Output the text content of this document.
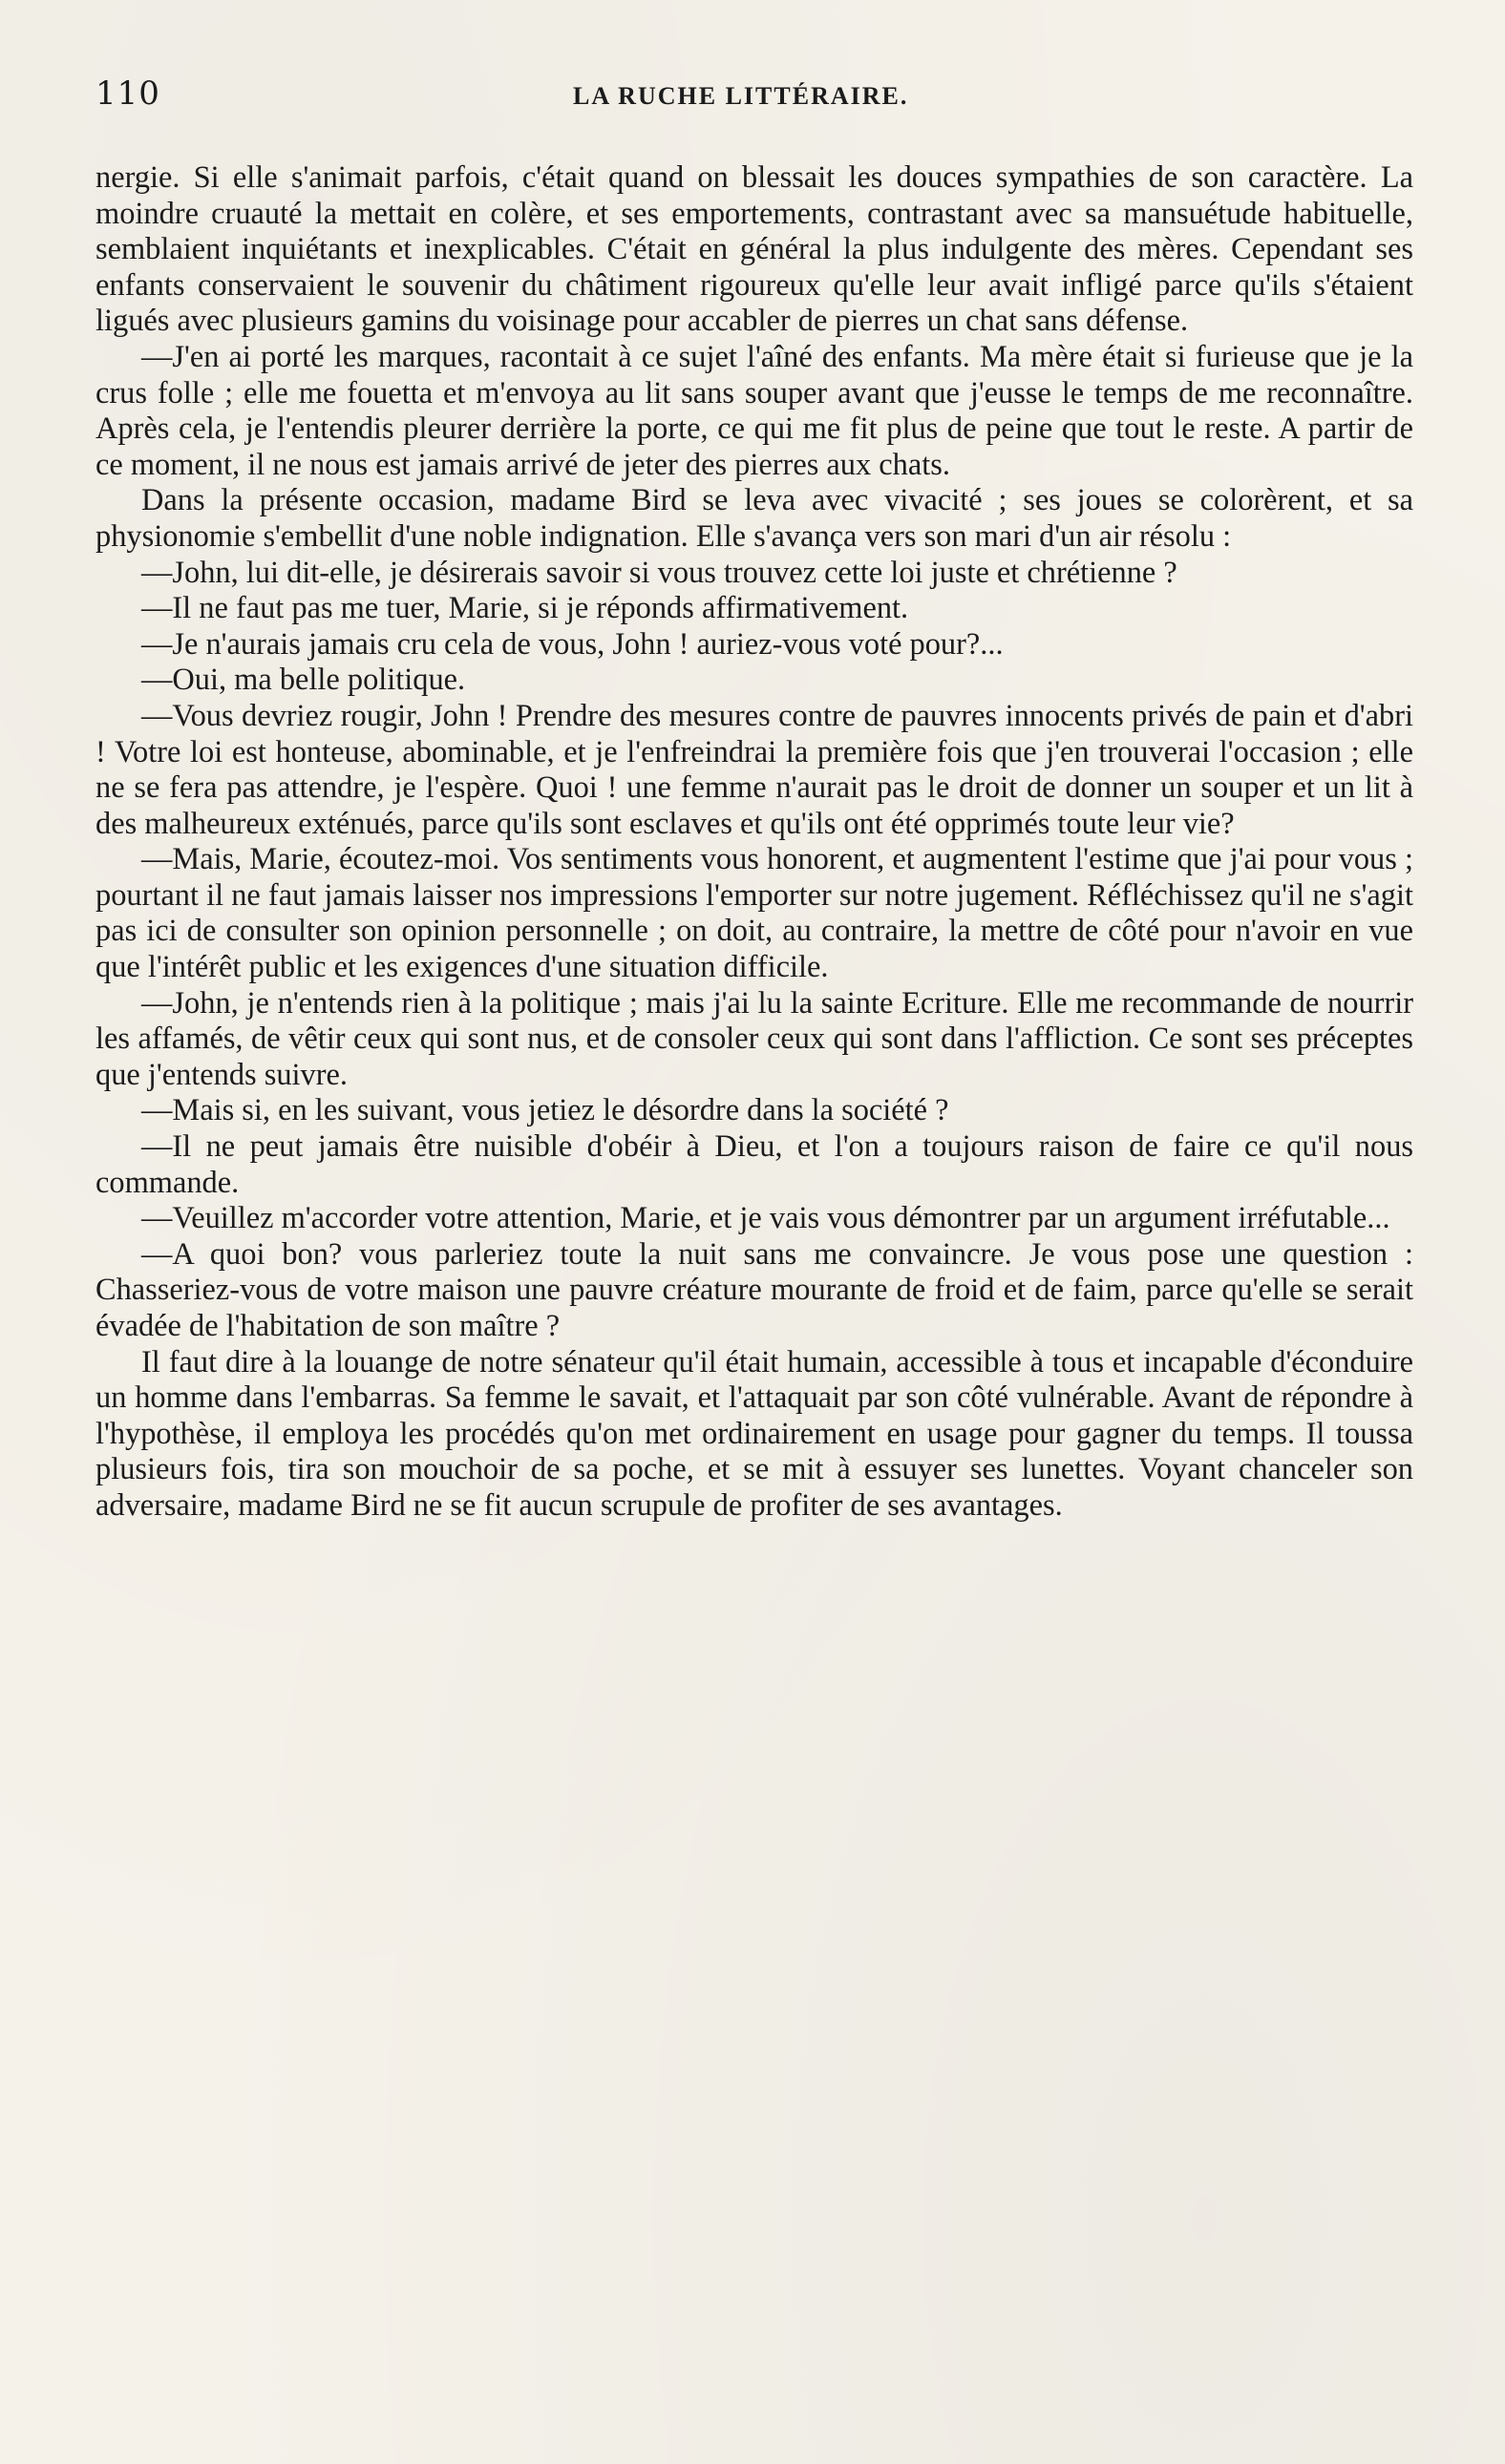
110	LA RUCHE LITTÉRAIRE.

nergie. Si elle s'animait parfois, c'était quand on blessait les douces sympathies de son caractère. La moindre cruauté la mettait en colère, et ses emportements, contrastant avec sa mansuétude habituelle, semblaient inquiétants et inexplicables. C'était en général la plus indulgente des mères. Cependant ses enfants conservaient le souvenir du châtiment rigoureux qu'elle leur avait infligé parce qu'ils s'étaient ligués avec plusieurs gamins du voisinage pour accabler de pierres un chat sans défense.

—J'en ai porté les marques, racontait à ce sujet l'aîné des enfants. Ma mère était si furieuse que je la crus folle ; elle me fouetta et m'envoya au lit sans souper avant que j'eusse le temps de me reconnaître. Après cela, je l'entendis pleurer derrière la porte, ce qui me fit plus de peine que tout le reste. A partir de ce moment, il ne nous est jamais arrivé de jeter des pierres aux chats.

Dans la présente occasion, madame Bird se leva avec vivacité ; ses joues se colorèrent, et sa physionomie s'embellit d'une noble indignation. Elle s'avança vers son mari d'un air résolu :

—John, lui dit-elle, je désirerais savoir si vous trouvez cette loi juste et chrétienne ?

—Il ne faut pas me tuer, Marie, si je réponds affirmativement.

—Je n'aurais jamais cru cela de vous, John ! auriez-vous voté pour?...

—Oui, ma belle politique.

—Vous devriez rougir, John ! Prendre des mesures contre de pauvres innocents privés de pain et d'abri ! Votre loi est honteuse, abominable, et je l'enfreindrai la première fois que j'en trouverai l'occasion ; elle ne se fera pas attendre, je l'espère. Quoi ! une femme n'aurait pas le droit de donner un souper et un lit à des malheureux exténués, parce qu'ils sont esclaves et qu'ils ont été opprimés toute leur vie?

—Mais, Marie, écoutez-moi. Vos sentiments vous honorent, et augmentent l'estime que j'ai pour vous ; pourtant il ne faut jamais laisser nos impressions l'emporter sur notre jugement. Réfléchissez qu'il ne s'agit pas ici de consulter son opinion personnelle ; on doit, au contraire, la mettre de côté pour n'avoir en vue que l'intérêt public et les exigences d'une situation difficile.

—John, je n'entends rien à la politique ; mais j'ai lu la sainte Ecriture. Elle me recommande de nourrir les affamés, de vêtir ceux qui sont nus, et de consoler ceux qui sont dans l'affliction. Ce sont ses préceptes que j'entends suivre.

—Mais si, en les suivant, vous jetiez le désordre dans la société ?

—Il ne peut jamais être nuisible d'obéir à Dieu, et l'on a toujours raison de faire ce qu'il nous commande.

—Veuillez m'accorder votre attention, Marie, et je vais vous démontrer par un argument irréfutable...

—A quoi bon? vous parleriez toute la nuit sans me convaincre. Je vous pose une question : Chasseriez-vous de votre maison une pauvre créature mourante de froid et de faim, parce qu'elle se serait évadée de l'habitation de son maître ?

Il faut dire à la louange de notre sénateur qu'il était humain, accessible à tous et incapable d'éconduire un homme dans l'embarras. Sa femme le savait, et l'attaquait par son côté vulnérable. Avant de répondre à l'hypothèse, il employa les procédés qu'on met ordinairement en usage pour gagner du temps. Il toussa plusieurs fois, tira son mouchoir de sa poche, et se mit à essuyer ses lunettes. Voyant chanceler son adversaire, madame Bird ne se fit aucun scrupule de profiter de ses avantages.
